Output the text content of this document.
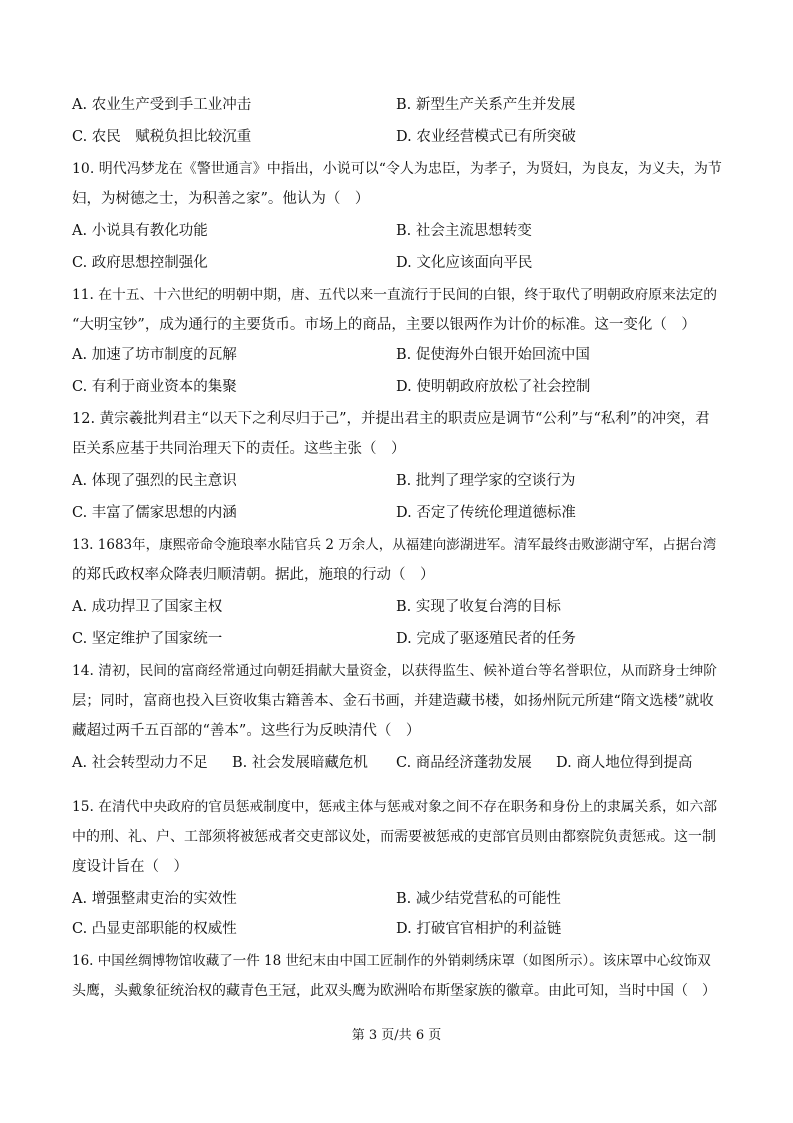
A. 农业生产受到手工业冲击	B. 新型生产关系产生并发展
C. 农民　赋税负担比较沉重	D. 农业经营模式已有所突破
10. 明代冯梦龙在《警世通言》中指出，小说可以“令人为忠臣，为孝子，为贤妇，为良友，为义夫，为节
妇，为树德之士，为积善之家”。他认为（　）
A. 小说具有教化功能	B. 社会主流思想转变
C. 政府思想控制强化	D. 文化应该面向平民
11. 在十五、十六世纪的明朝中期，唐、五代以来一直流行于民间的白银，终于取代了明朝政府原来法定的
“大明宝钞”，成为通行的主要货币。市场上的商品，主要以银两作为计价的标准。这一变化（　）
A. 加速了坊市制度的瓦解	B. 促使海外白银开始回流中国
C. 有利于商业资本的集聚	D. 使明朝政府放松了社会控制
12. 黄宗羲批判君主“以天下之利尽归于己”，并提出君主的职责应是调节“公利”与“私利”的冲突，君
臣关系应基于共同治理天下的责任。这些主张（　）
A. 体现了强烈的民主意识	B. 批判了理学家的空谈行为
C. 丰富了儒家思想的内涵	D. 否定了传统伦理道德标准
13. 1683年，康熙帝命令施琅率水陆官兵 2 万余人，从福建向澎湖进军。清军最终击败澎湖守军，占据台湾
的郑氏政权率众降表归顺清朝。据此，施琅的行动（　）
A. 成功捍卫了国家主权	B. 实现了收复台湾的目标
C. 坚定维护了国家统一	D. 完成了驱逐殖民者的任务
14. 清初，民间的富商经常通过向朝廷捐献大量资金，以获得监生、候补道台等名誉职位，从而跻身士绅阶
层；同时，富商也投入巨资收集古籍善本、金石书画，并建造藏书楼，如扬州阮元所建“隋文选楼”就收
藏超过两千五百部的“善本”。这些行为反映清代（　）
A. 社会转型动力不足 B. 社会发展暗藏危机 C. 商品经济蓬勃发展 D. 商人地位得到提高
15. 在清代中央政府的官员惩戒制度中，惩戒主体与惩戒对象之间不存在职务和身份上的隶属关系，如六部
中的刑、礼、户、工部须将被惩戒者交吏部议处，而需要被惩戒的吏部官员则由都察院负责惩戒。这一制
度设计旨在（　）
A. 增强整肃吏治的实效性	B. 减少结党营私的可能性
C. 凸显吏部职能的权威性	D. 打破官官相护的利益链
16. 中国丝绸博物馆收藏了一件 18 世纪末由中国工匠制作的外销刺绣床罩（如图所示）。该床罩中心纹饰双
头鹰，头戴象征统治权的藏青色王冠，此双头鹰为欧洲哈布斯堡家族的徽章。由此可知，当时中国（　）
第 3 页/共 6 页
